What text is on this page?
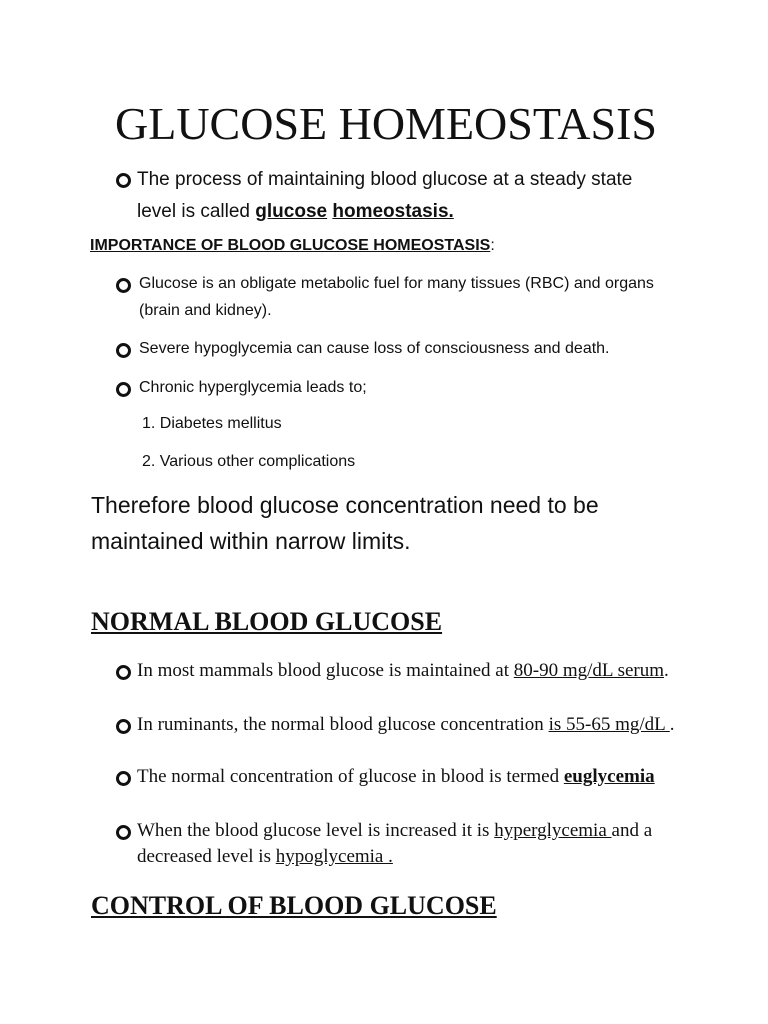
GLUCOSE HOMEOSTASIS
The process of maintaining blood glucose at a steady state level is called glucose homeostasis.
IMPORTANCE OF BLOOD GLUCOSE HOMEOSTASIS:
Glucose is an obligate metabolic fuel for many tissues (RBC) and organs (brain and kidney).
Severe hypoglycemia can cause loss of consciousness and death.
Chronic hyperglycemia leads to;
1. Diabetes mellitus
2. Various other complications
Therefore blood glucose concentration need to be maintained within narrow limits.
NORMAL BLOOD GLUCOSE
In most mammals blood glucose is maintained at 80-90 mg/dL serum.
In ruminants, the normal blood glucose concentration is 55-65 mg/dL .
The normal concentration of glucose in blood is termed euglycemia
When the blood glucose level is increased it is hyperglycemia and a decreased level is hypoglycemia .
CONTROL OF BLOOD GLUCOSE
